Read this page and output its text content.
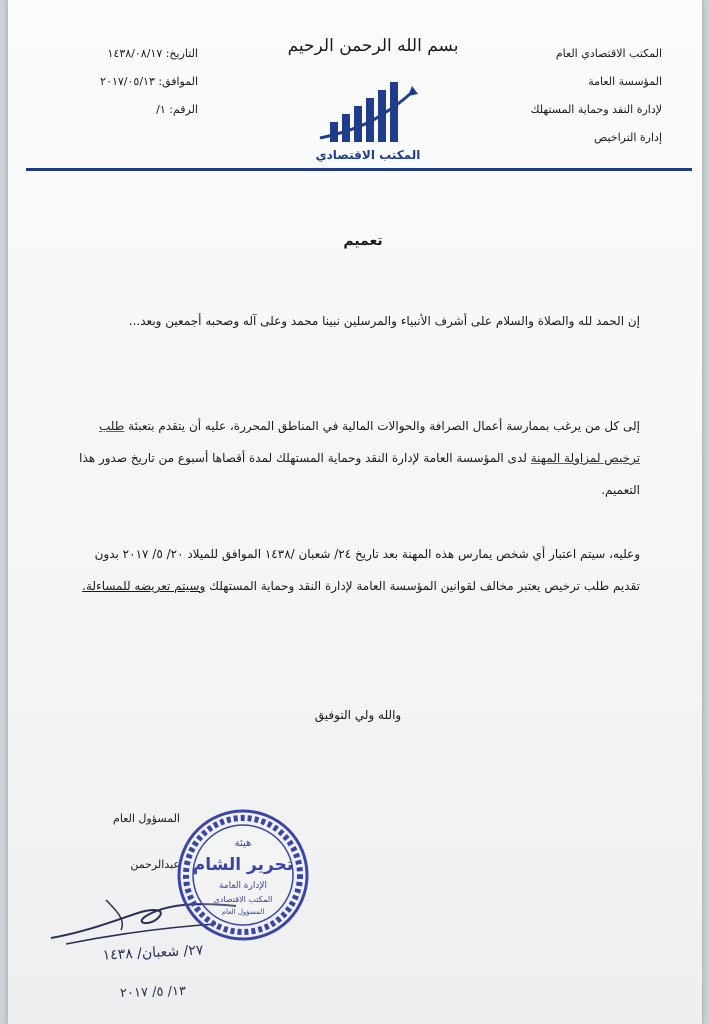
المكتب الاقتصادي العام
المؤسسة العامة
لإدارة النقد وحماية المستهلك
إدارة التراخيص
بسم الله الرحمن الرحيم
المكتب الاقتصادي
التاريخ: ١٤٣٨/٠٨/١٧
الموافق: ٢٠١٧/٠٥/١٣
الرقم: ١/
تعميم
إن الحمد لله والصلاة والسلام على أشرف الأنبياء والمرسلين نبينا محمد وعلى آله وصحبه أجمعين وبعد...
إلى كل من يرغب بممارسة أعمال الصرافة والحوالات المالية في المناطق المحررة، عليه أن يتقدم بتعبئة طلب ترخيص لمزاولة المهنة لدى المؤسسة العامة لإدارة النقد وحماية المستهلك لمدة أقصاها أسبوع من تاريخ صدور هذا التعميم.
وعليه، سيتم اعتبار أي شخص يمارس هذه المهنة بعد تاريخ ٢٤/ شعبان /١٤٣٨ الموافق للميلاد ٢٠/ ٥/ ٢٠١٧ بدون تقديم طلب ترخيص يعتبر مخالف لقوانين المؤسسة العامة لإدارة النقد وحماية المستهلك وسيتم تعريضه للمساءلة.
والله ولي التوفيق
المسؤول العام
عبدالرحمن
٢٧/ شعبان/ ١٤٣٨
١٣/ ٥/ ٢٠١٧
هيئة
تحرير الشام
الإدارة العامة
المكتب الاقتصادي
المسؤول العام
